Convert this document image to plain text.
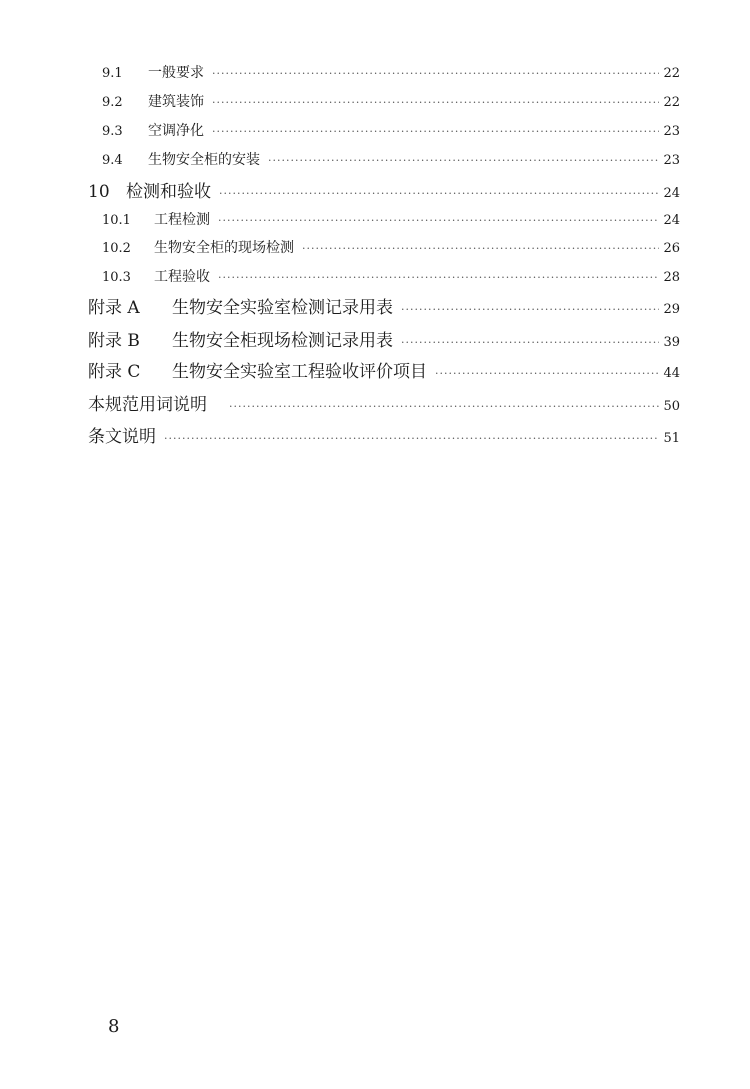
9.1	一般要求 ·····	22
9.2	建筑装饰 ·····	22
9.3	空调净化 ·····	23
9.4	生物安全柜的安装 ·····	23
10 检测和验收 ·····	24
10.1	工程检测 ·····	24
10.2	生物安全柜的现场检测 ·····	26
10.3	工程验收 ·····	28
附录 A	生物安全实验室检测记录用表 ·····	29
附录 B	生物安全柜现场检测记录用表 ·····	39
附录 C	生物安全实验室工程验收评价项目 ·····	44
本规范用词说明 ·····	50
条文说明 ·····	51
8
